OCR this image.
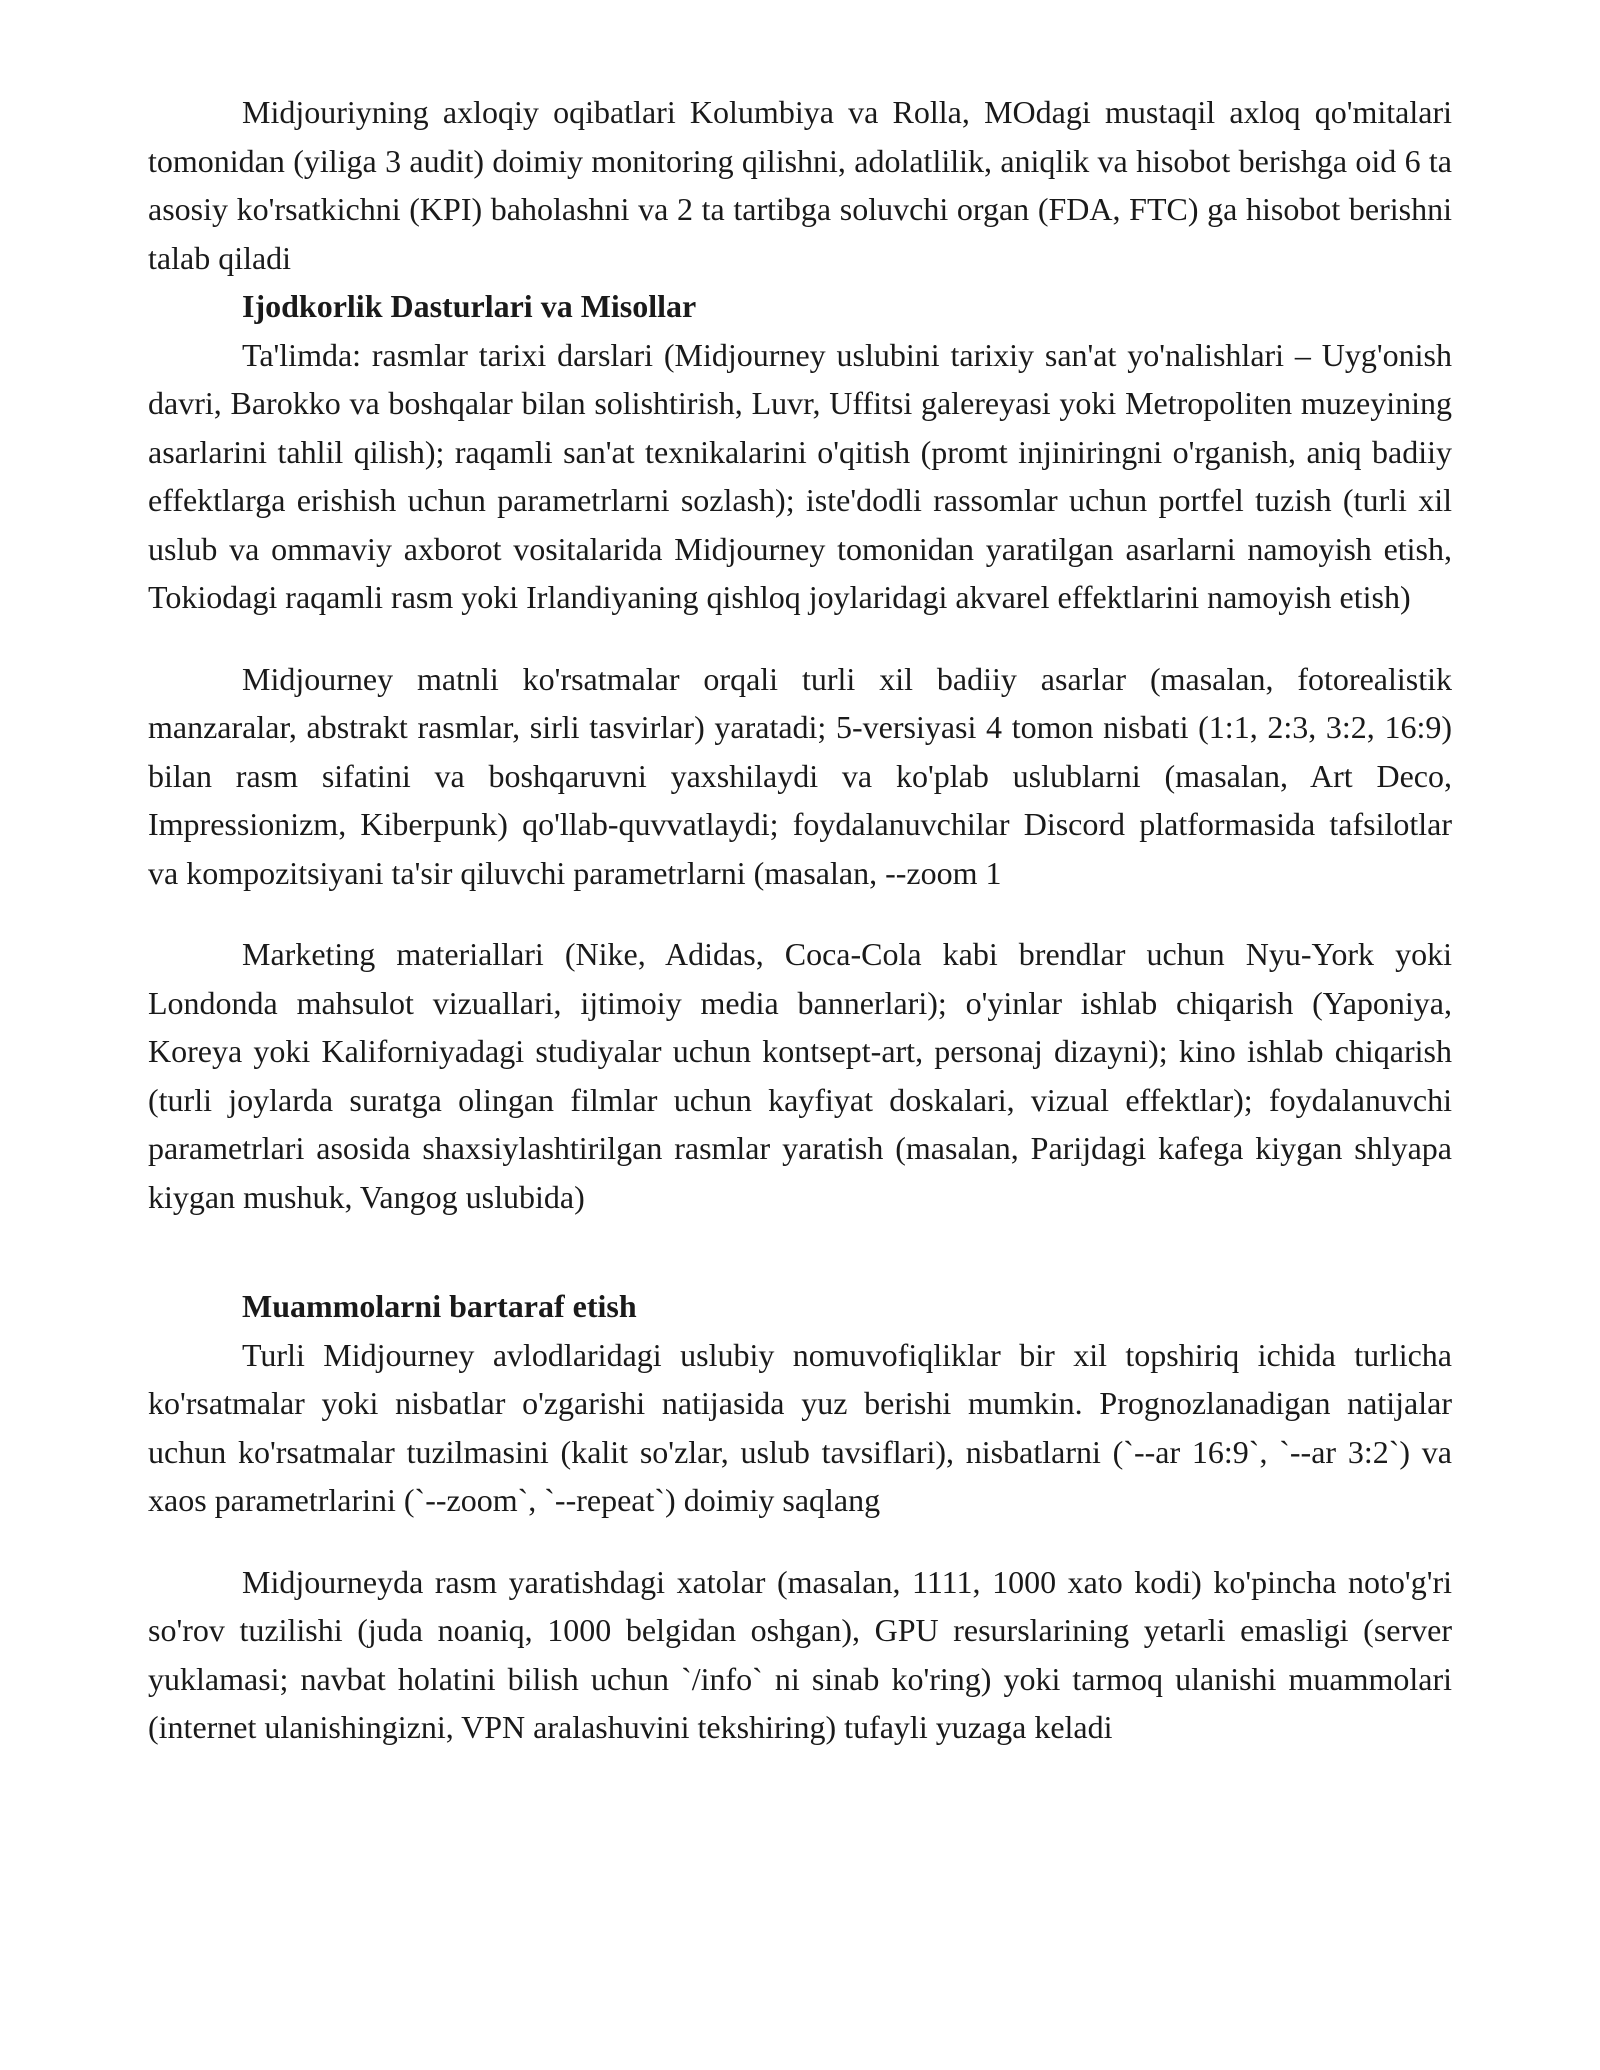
Midjouriyning axloqiy oqibatlari Kolumbiya va Rolla, MOdagi mustaqil axloq qo'mitalari tomonidan (yiliga 3 audit) doimiy monitoring qilishni, adolatlilik, aniqlik va hisobot berishga oid 6 ta asosiy ko'rsatkichni (KPI) baholashni va 2 ta tartibga soluvchi organ (FDA, FTC) ga hisobot berishni talab qiladi

Ijodkorlik Dasturlari va Misollar

Ta'limda: rasmlar tarixi darslari (Midjourney uslubini tarixiy san'at yo'nalishlari – Uyg'onish davri, Barokko va boshqalar bilan solishtirish, Luvr, Uffitsi galereyasi yoki Metropoliten muzeyining asarlarini tahlil qilish); raqamli san'at texnikalarini o'qitish (promt injiniringni o'rganish, aniq badiiy effektlarga erishish uchun parametrlarni sozlash); iste'dodli rassomlar uchun portfel tuzish (turli xil uslub va ommaviy axborot vositalarida Midjourney tomonidan yaratilgan asarlarni namoyish etish, Tokiodagi raqamli rasm yoki Irlandiyaning qishloq joylaridagi akvarel effektlarini namoyish etish)

Midjourney matnli ko'rsatmalar orqali turli xil badiiy asarlar (masalan, fotorealistik manzaralar, abstrakt rasmlar, sirli tasvirlar) yaratadi; 5-versiyasi 4 tomon nisbati (1:1, 2:3, 3:2, 16:9) bilan rasm sifatini va boshqaruvni yaxshilaydi va ko'plab uslublarni (masalan, Art Deco, Impressionizm, Kiberpunk) qo'llab-quvvatlaydi; foydalanuvchilar Discord platformasida tafsilotlar va kompozitsiyani ta'sir qiluvchi parametrlarni (masalan, --zoom 1

Marketing materiallari (Nike, Adidas, Coca-Cola kabi brendlar uchun Nyu-York yoki Londonda mahsulot vizuallari, ijtimoiy media bannerlari); o'yinlar ishlab chiqarish (Yaponiya, Koreya yoki Kaliforniyadagi studiyalar uchun kontsept-art, personaj dizayni); kino ishlab chiqarish (turli joylarda suratga olingan filmlar uchun kayfiyat doskalari, vizual effektlar); foydalanuvchi parametrlari asosida shaxsiylashtirilgan rasmlar yaratish (masalan, Parijdagi kafega kiygan shlyapa kiygan mushuk, Vangog uslubida)

Muammolarni bartaraf etish

Turli Midjourney avlodlaridagi uslubiy nomuvofiqliklar bir xil topshiriq ichida turlicha ko'rsatmalar yoki nisbatlar o'zgarishi natijasida yuz berishi mumkin. Prognozlanadigan natijalar uchun ko'rsatmalar tuzilmasini (kalit so'zlar, uslub tavsiflari), nisbatlarni (`--ar 16:9`, `--ar 3:2`) va xaos parametrlarini (`--zoom`, `--repeat`) doimiy saqlang

Midjourneyda rasm yaratishdagi xatolar (masalan, 1111, 1000 xato kodi) ko'pincha noto'g'ri so'rov tuzilishi (juda noaniq, 1000 belgidan oshgan), GPU resurslarining yetarli emasligi (server yuklamasi; navbat holatini bilish uchun `/info` ni sinab ko'ring) yoki tarmoq ulanishi muammolari (internet ulanishingizni, VPN aralashuvini tekshiring) tufayli yuzaga keladi
